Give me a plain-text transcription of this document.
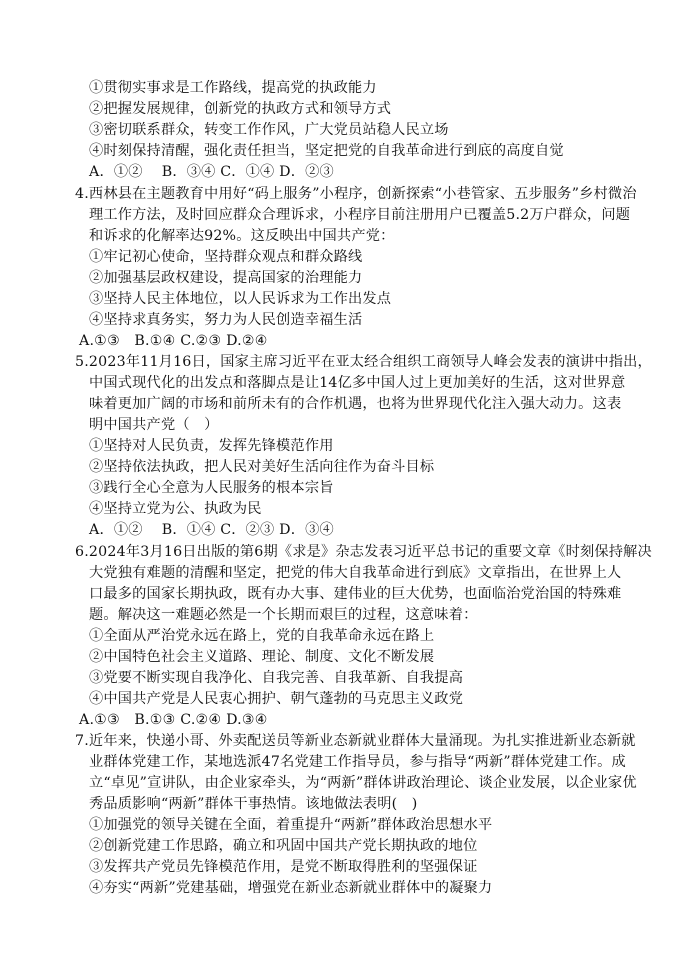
①贯彻实事求是工作路线，提高党的执政能力
②把握发展规律，创新党的执政方式和领导方式
③密切联系群众，转变工作作风，广大党员站稳人民立场
④时刻保持清醒，强化责任担当，坚定把党的自我革命进行到底的高度自觉
A．①②　 B．③④ C．①④ D．②③
4.西林县在主题教育中用好“码上服务”小程序，创新探索“小巷管家、五步服务”乡村微治
理工作方法，及时回应群众合理诉求，小程序目前注册用户已覆盖5.2万户群众，问题
和诉求的化解率达92%。这反映出中国共产党：
①牢记初心使命，坚持群众观点和群众路线
②加强基层政权建设，提高国家的治理能力
③坚持人民主体地位，以人民诉求为工作出发点
④坚持求真务实，努力为人民创造幸福生活
A.①③　B.①④ C.②③ D.②④
5.2023年11月16日，国家主席习近平在亚太经合组织工商领导人峰会发表的演讲中指出，
中国式现代化的出发点和落脚点是让14亿多中国人过上更加美好的生活，这对世界意
味着更加广阔的市场和前所未有的合作机遇，也将为世界现代化注入强大动力。这表
明中国共产党（　）
①坚持对人民负责，发挥先锋模范作用
②坚持依法执政，把人民对美好生活向往作为奋斗目标
③践行全心全意为人民服务的根本宗旨
④坚持立党为公、执政为民
A．①②　 B．①④ C．②③ D．③④
6.2024年3月16日出版的第6期《求是》杂志发表习近平总书记的重要文章《时刻保持解决
大党独有难题的清醒和坚定，把党的伟大自我革命进行到底》文章指出，在世界上人
口最多的国家长期执政，既有办大事、建伟业的巨大优势，也面临治党治国的特殊难
题。解决这一难题必然是一个长期而艰巨的过程，这意味着：
①全面从严治党永远在路上，党的自我革命永远在路上
②中国特色社会主义道路、理论、制度、文化不断发展
③党要不断实现自我净化、自我完善、自我革新、自我提高
④中国共产党是人民衷心拥护、朝气蓬勃的马克思主义政党
A.①③　B.①③ C.②④ D.③④
7.近年来，快递小哥、外卖配送员等新业态新就业群体大量涌现。为扎实推进新业态新就
业群体党建工作，某地选派47名党建工作指导员，参与指导“两新”群体党建工作。成
立“卓见”宣讲队，由企业家牵头，为“两新”群体讲政治理论、谈企业发展，以企业家优
秀品质影响“两新”群体干事热情。该地做法表明(　)
①加强党的领导关键在全面，着重提升“两新”群体政治思想水平
②创新党建工作思路，确立和巩固中国共产党长期执政的地位
③发挥共产党员先锋模范作用，是党不断取得胜利的坚强保证
④夯实“两新”党建基础，增强党在新业态新就业群体中的凝聚力
